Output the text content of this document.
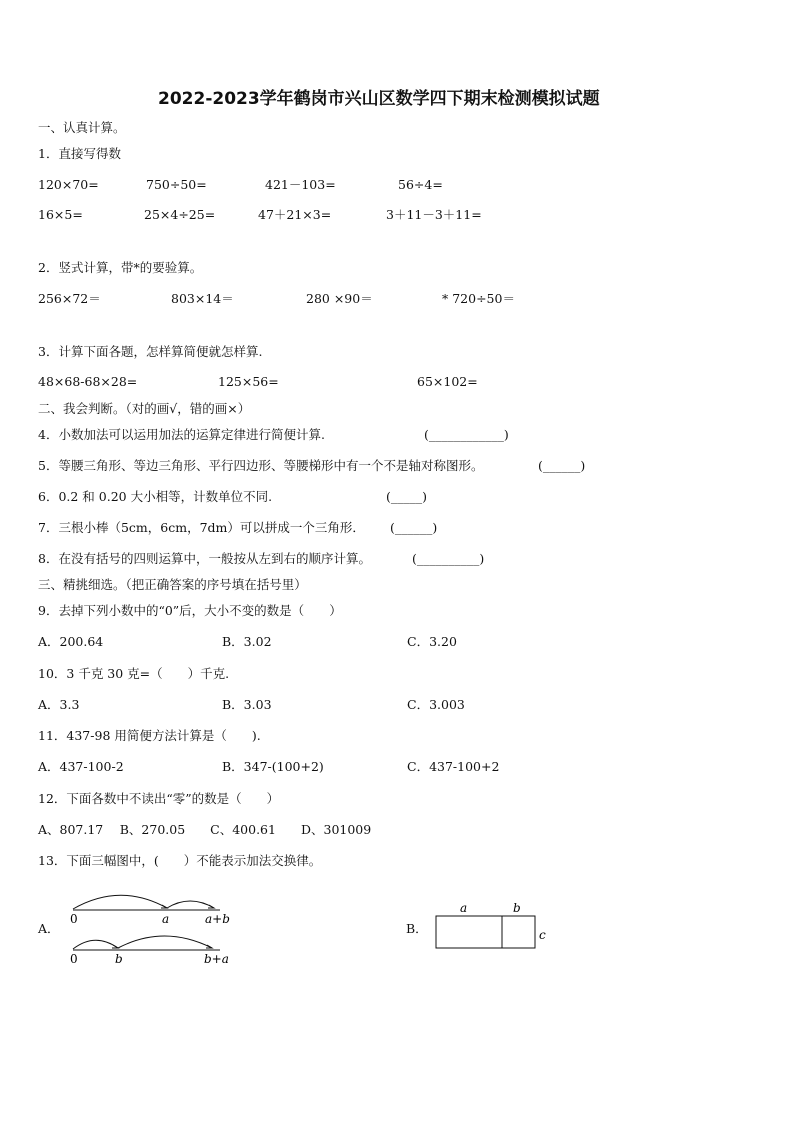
2022-2023学年鹤岗市兴山区数学四下期末检测模拟试题
一、认真计算。
1．直接写得数
120×70=	750÷50=	421－103=	56÷4=
16×5=	25×4÷25=	47＋21×3=	3＋11－3＋11=
2．竖式计算，带*的要验算。
256×72＝	803×14＝	280 ×90＝	* 720÷50＝
3．计算下面各题，怎样算简便就怎样算.
48×68-68×28=	125×56=	65×102=
二、我会判断。（对的画√，错的画×）
4．小数加法可以运用加法的运算定律进行简便计算.	(____________)
5．等腰三角形、等边三角形、平行四边形、等腰梯形中有一个不是轴对称图形。	(______)
6．0.2 和 0.20 大小相等，计数单位不同.	(_____)
7．三根小棒（5cm，6cm，7dm）可以拼成一个三角形． (______)
8．在没有括号的四则运算中，一般按从左到右的顺序计算。	(__________)
三、精挑细选。（把正确答案的序号填在括号里）
9．去掉下列小数中的“0”后，大小不变的数是（　　）
A．200.64	B．3.02	C．3.20
10．3 千克 30 克=（　　）千克.
A．3.3	B．3.03	C．3.003
11．437-98 用简便方法计算是（　　).
A．437-100-2	B．347-(100+2)	C．437-100+2
12．下面各数中不读出“零”的数是（　　）
A、807.17　 B、270.05　　C、400.61　　D、301009
13．下面三幅图中，(　　）不能表示加法交换律。
A．	B．
0	a	a+b
0	b	b+a
a	b
c
